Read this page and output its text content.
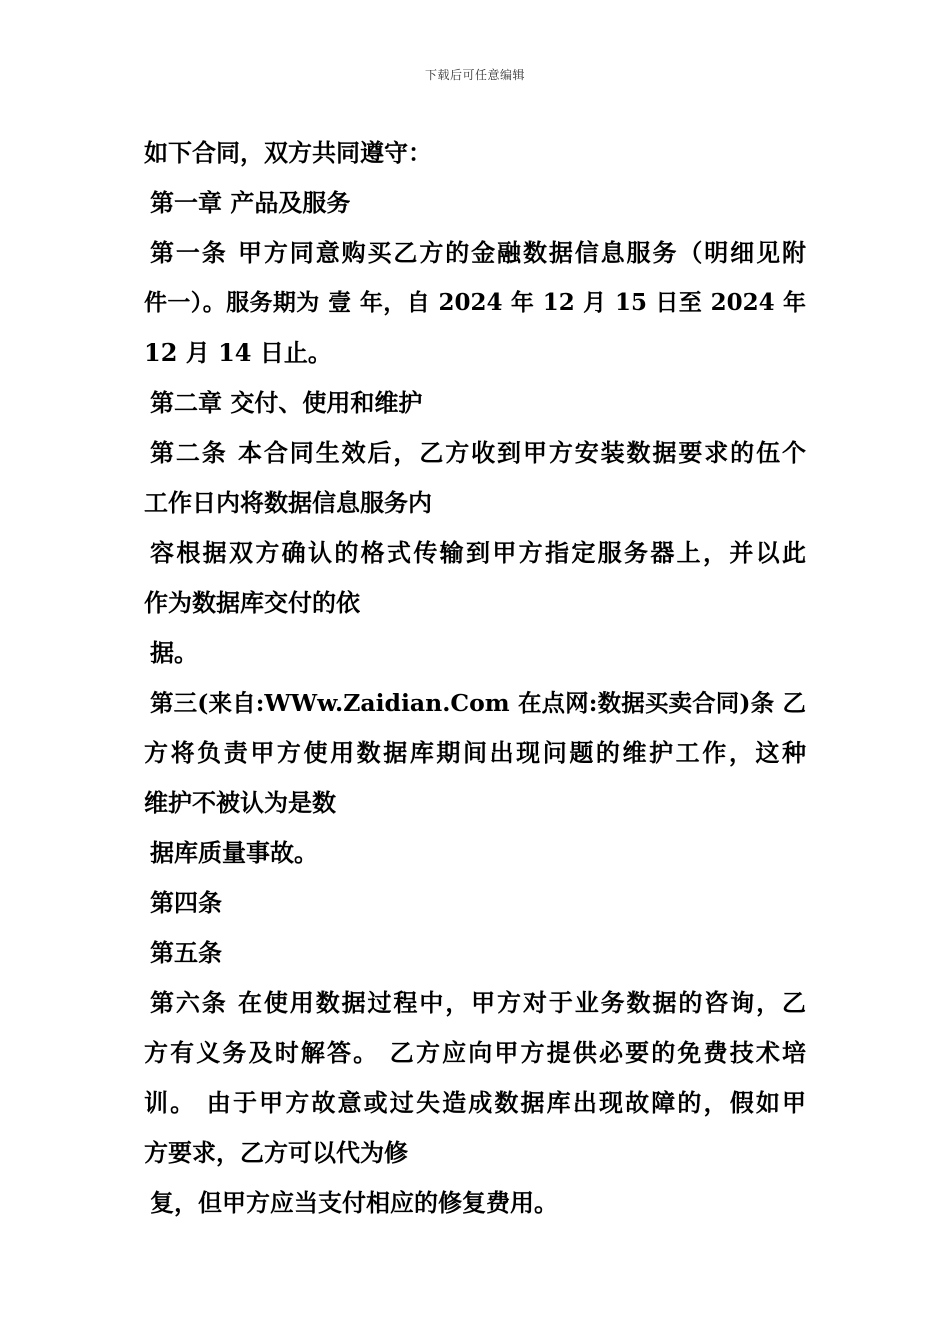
下载后可任意编辑
如下合同，双方共同遵守：
第一章 产品及服务
第一条 甲方同意购买乙方的金融数据信息服务（明细见附
件一）。服务期为 壹 年，自 2024 年 12 月 15 日至 2024 年
12 月 14 日止。
第二章 交付、使用和维护
第二条 本合同生效后，乙方收到甲方安装数据要求的伍个
工作日内将数据信息服务内
容根据双方确认的格式传输到甲方指定服务器上，并以此
作为数据库交付的依
据。
第三(来自:WWw.Zaidian.Com 在点网:数据买卖合同)条 乙
方将负责甲方使用数据库期间出现问题的维护工作，这种
维护不被认为是数
据库质量事故。
第四条
第五条
第六条 在使用数据过程中，甲方对于业务数据的咨询，乙
方有义务及时解答。 乙方应向甲方提供必要的免费技术培
训。 由于甲方故意或过失造成数据库出现故障的，假如甲
方要求，乙方可以代为修
复，但甲方应当支付相应的修复费用。
